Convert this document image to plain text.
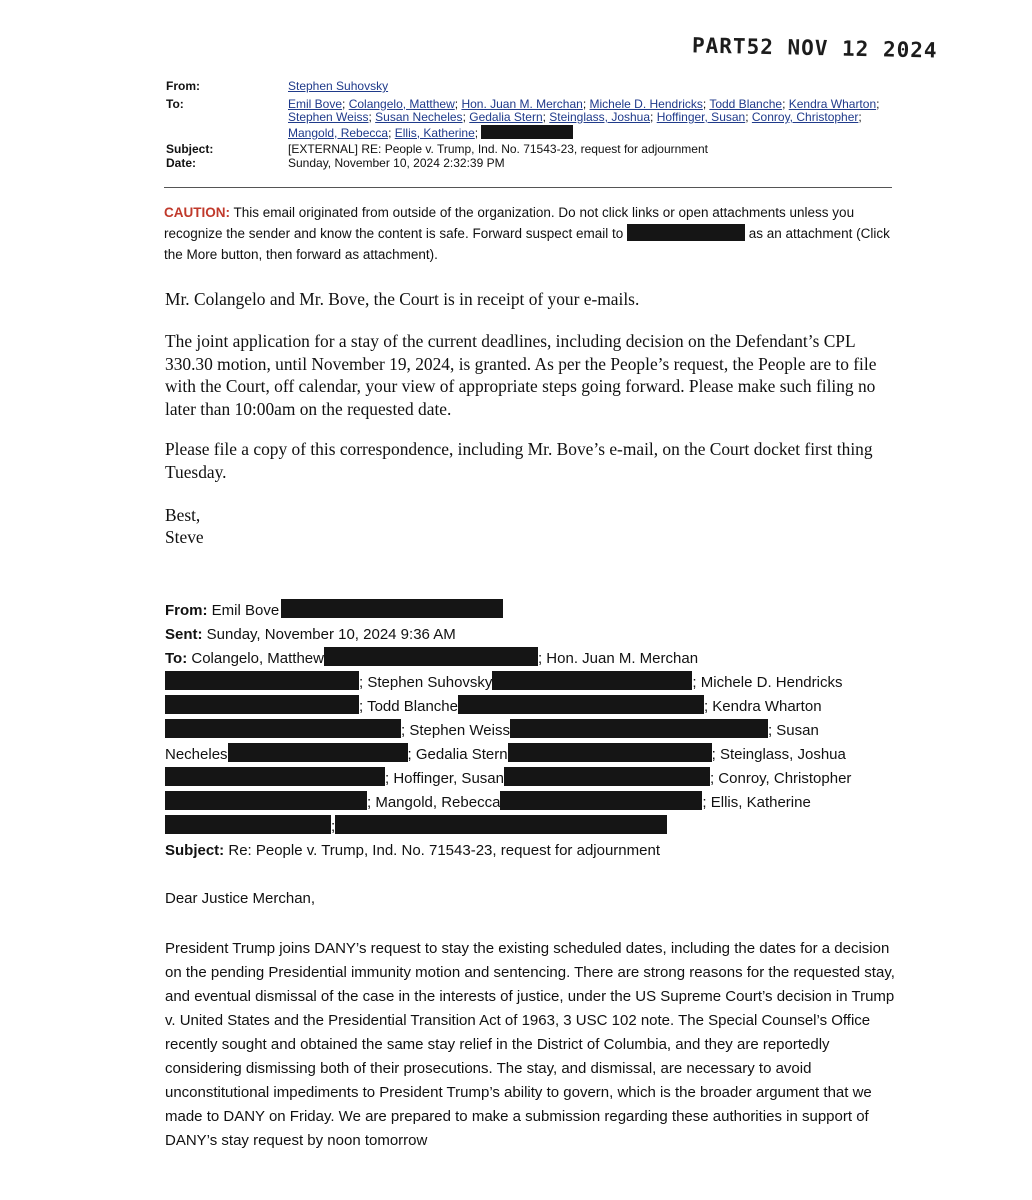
PART52 NOV 12 2024
From:	Stephen Suhovsky
To:	Emil Bove; Colangelo, Matthew; Hon. Juan M. Merchan; Michele D. Hendricks; Todd Blanche; Kendra Wharton;
Stephen Weiss; Susan Necheles; Gedalia Stern; Steinglass, Joshua; Hoffinger, Susan; Conroy, Christopher;
Mangold, Rebecca; Ellis, Katherine;
Subject:	[EXTERNAL] RE: People v. Trump, Ind. No. 71543-23, request for adjournment
Date:	Sunday, November 10, 2024 2:32:39 PM
CAUTION: This email originated from outside of the organization. Do not click links or open attachments unless you recognize the sender and know the content is safe. Forward suspect email to	as an attachment (Click the More button, then forward as attachment).
Mr. Colangelo and Mr. Bove, the Court is in receipt of your e-mails.
The joint application for a stay of the current deadlines, including decision on the Defendant’s CPL 330.30 motion, until November 19, 2024, is granted. As per the People’s request, the People are to file with the Court, off calendar, your view of appropriate steps going forward. Please make such filing no later than 10:00am on the requested date.
Please file a copy of this correspondence, including Mr. Bove’s e-mail, on the Court docket first thing Tuesday.
Best,
Steve
From: Emil Bove
Sent: Sunday, November 10, 2024 9:36 AM
To: Colangelo, Matthew	; Hon. Juan M. Merchan
; Stephen Suhovsky	; Michele D. Hendricks
; Todd Blanche	; Kendra Wharton
; Stephen Weiss	; Susan
Necheles	; Gedalia Stern	; Steinglass, Joshua
; Hoffinger, Susan	; Conroy, Christopher
; Mangold, Rebecca	; Ellis, Katherine
;
Subject: Re: People v. Trump, Ind. No. 71543-23, request for adjournment
Dear Justice Merchan,
President Trump joins DANY’s request to stay the existing scheduled dates, including the dates for a decision on the pending Presidential immunity motion and sentencing. There are strong reasons for the requested stay, and eventual dismissal of the case in the interests of justice, under the US Supreme Court’s decision in Trump v. United States and the Presidential Transition Act of 1963, 3 USC 102 note. The Special Counsel’s Office recently sought and obtained the same stay relief in the District of Columbia, and they are reportedly considering dismissing both of their prosecutions. The stay, and dismissal, are necessary to avoid unconstitutional impediments to President Trump’s ability to govern, which is the broader argument that we made to DANY on Friday. We are prepared to make a submission regarding these authorities in support of DANY’s stay request by noon tomorrow
